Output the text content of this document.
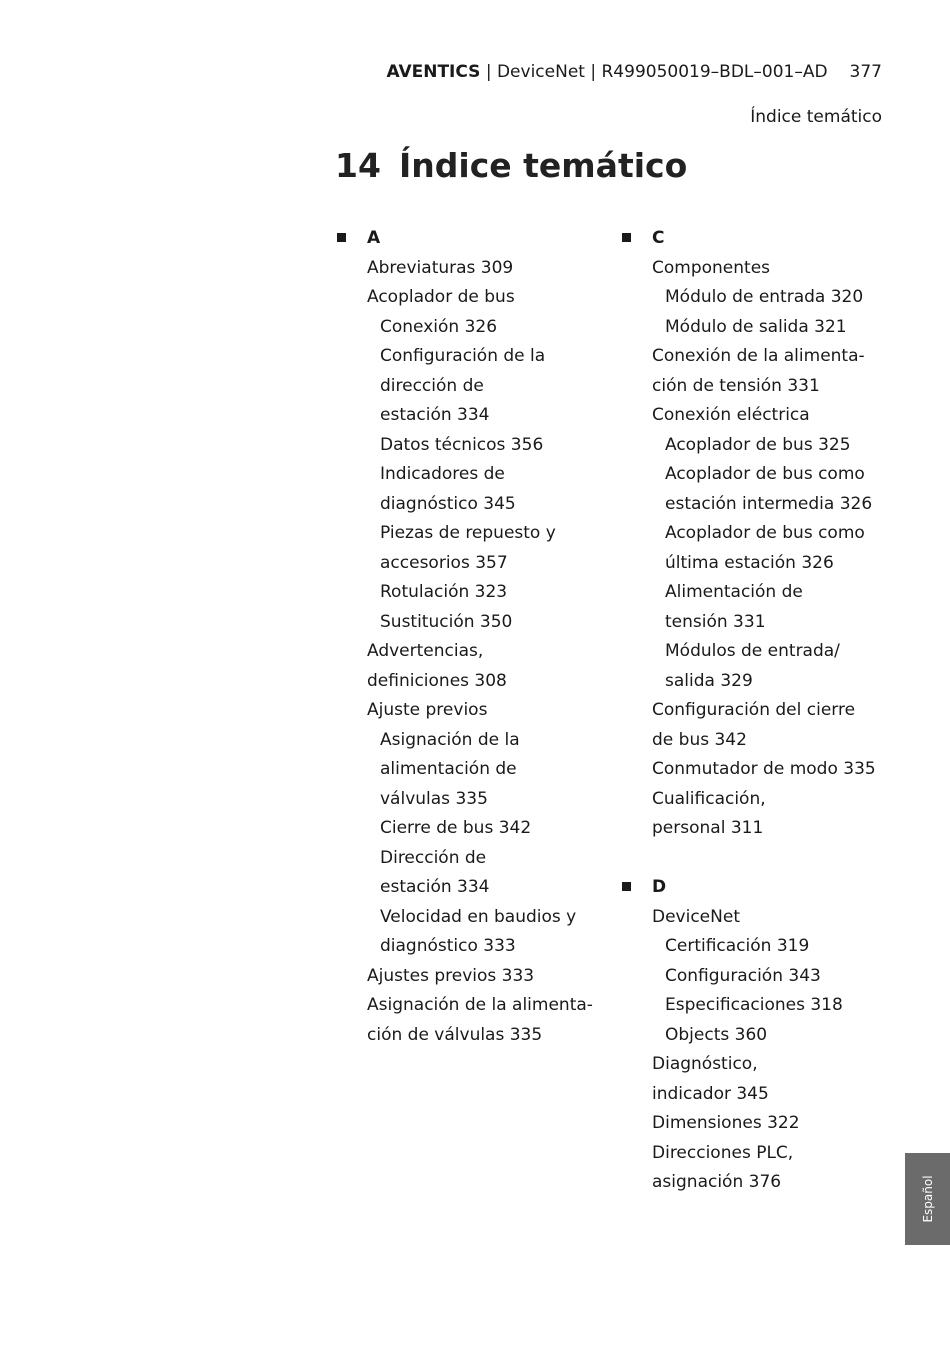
AVENTICS | DeviceNet | R499050019–BDL–001–AD 377
Índice temático
14 Índice temático
A
Abreviaturas 309
Acoplador de bus
Conexión 326
Configuración de la
dirección de
estación 334
Datos técnicos 356
Indicadores de
diagnóstico 345
Piezas de repuesto y
accesorios 357
Rotulación 323
Sustitución 350
Advertencias,
definiciones 308
Ajuste previos
Asignación de la
alimentación de
válvulas 335
Cierre de bus 342
Dirección de
estación 334
Velocidad en baudios y
diagnóstico 333
Ajustes previos 333
Asignación de la alimenta-
ción de válvulas 335
C
Componentes
Módulo de entrada 320
Módulo de salida 321
Conexión de la alimenta-
ción de tensión 331
Conexión eléctrica
Acoplador de bus 325
Acoplador de bus como
estación intermedia 326
Acoplador de bus como
última estación 326
Alimentación de
tensión 331
Módulos de entrada/
salida 329
Configuración del cierre
de bus 342
Conmutador de modo 335
Cualificación,
personal 311
D
DeviceNet
Certificación 319
Configuración 343
Especificaciones 318
Objects 360
Diagnóstico,
indicador 345
Dimensiones 322
Direcciones PLC,
asignación 376	Español
